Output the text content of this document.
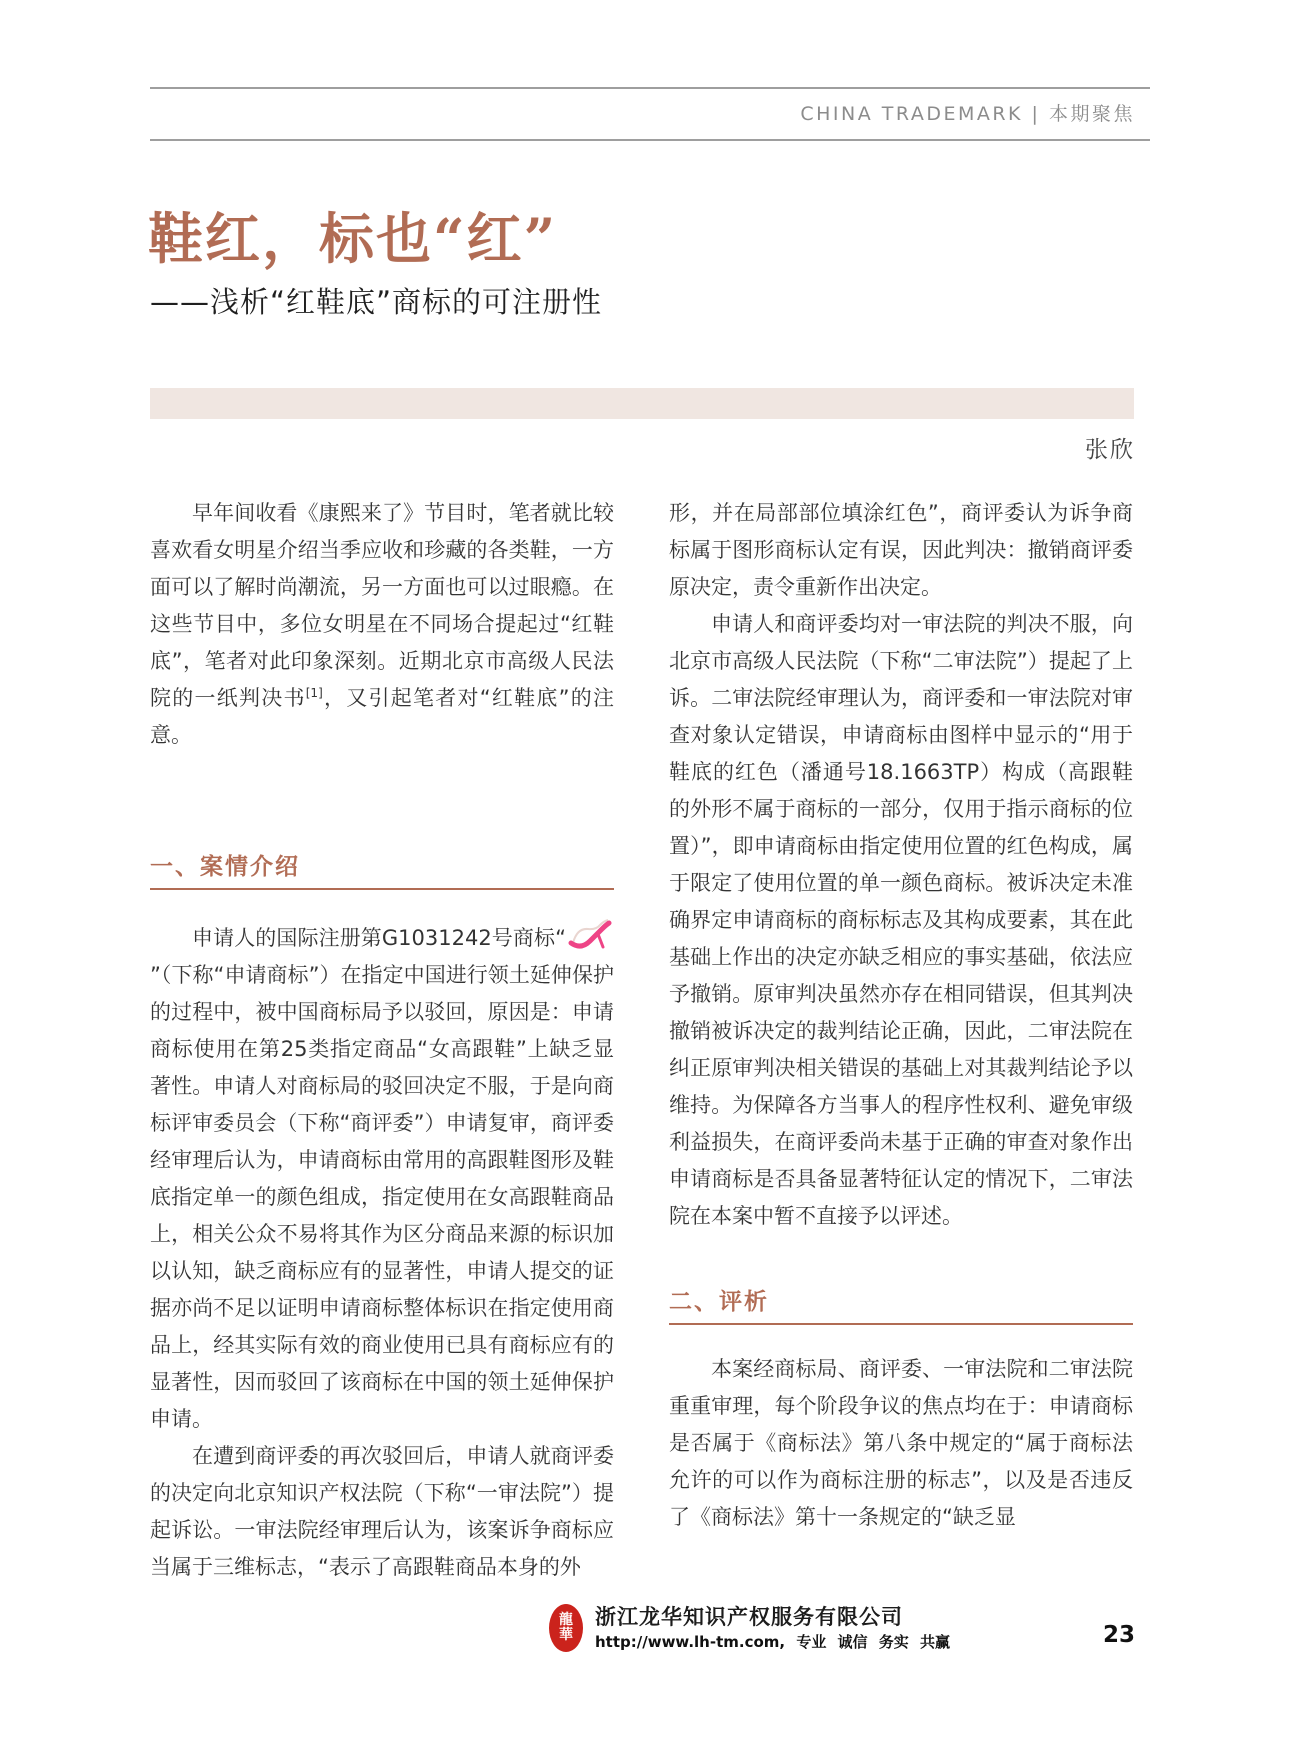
CHINA TRADEMARK | 本期聚焦
鞋红，标也“红”
——浅析“红鞋底”商标的可注册性
张欣

早年间收看《康熙来了》节目时，笔者就比较喜欢看女明星介绍当季应收和珍藏的各类鞋，一方面可以了解时尚潮流，另一方面也可以过眼瘾。在这些节目中，多位女明星在不同场合提起过“红鞋底”，笔者对此印象深刻。近期北京市高级人民法院的一纸判决书[1]，又引起笔者对“红鞋底”的注意。

一、案情介绍

申请人的国际注册第G1031242号商标“”（下称“申请商标”）在指定中国进行领土延伸保护的过程中，被中国商标局予以驳回，原因是：申请商标使用在第25类指定商品“女高跟鞋”上缺乏显著性。申请人对商标局的驳回决定不服，于是向商标评审委员会（下称“商评委”）申请复审，商评委经审理后认为，申请商标由常用的高跟鞋图形及鞋底指定单一的颜色组成，指定使用在女高跟鞋商品上，相关公众不易将其作为区分商品来源的标识加以认知，缺乏商标应有的显著性，申请人提交的证据亦尚不足以证明申请商标整体标识在指定使用商品上，经其实际有效的商业使用已具有商标应有的显著性，因而驳回了该商标在中国的领土延伸保护申请。

在遭到商评委的再次驳回后，申请人就商评委的决定向北京知识产权法院（下称“一审法院”）提起诉讼。一审法院经审理后认为，该案诉争商标应当属于三维标志，“表示了高跟鞋商品本身的外

形，并在局部部位填涂红色”，商评委认为诉争商标属于图形商标认定有误，因此判决：撤销商评委原决定，责令重新作出决定。

申请人和商评委均对一审法院的判决不服，向北京市高级人民法院（下称“二审法院”）提起了上诉。二审法院经审理认为，商评委和一审法院对审查对象认定错误，申请商标由图样中显示的“用于鞋底的红色（潘通号18.1663TP）构成（高跟鞋的外形不属于商标的一部分，仅用于指示商标的位置）”，即申请商标由指定使用位置的红色构成，属于限定了使用位置的单一颜色商标。被诉决定未准确界定申请商标的商标标志及其构成要素，其在此基础上作出的决定亦缺乏相应的事实基础，依法应予撤销。原审判决虽然亦存在相同错误，但其判决撤销被诉决定的裁判结论正确，因此，二审法院在纠正原审判决相关错误的基础上对其裁判结论予以维持。为保障各方当事人的程序性权利、避免审级利益损失，在商评委尚未基于正确的审查对象作出申请商标是否具备显著特征认定的情况下，二审法院在本案中暂不直接予以评述。

二、评析

本案经商标局、商评委、一审法院和二审法院重重审理，每个阶段争议的焦点均在于：申请商标是否属于《商标法》第八条中规定的“属于商标法允许的可以作为商标注册的标志”，以及是否违反了《商标法》第十一条规定的“缺乏显

龍
華
浙江龙华知识产权服务有限公司
http://www.lh-tm.com, 专业 诚信 务实 共赢	23
